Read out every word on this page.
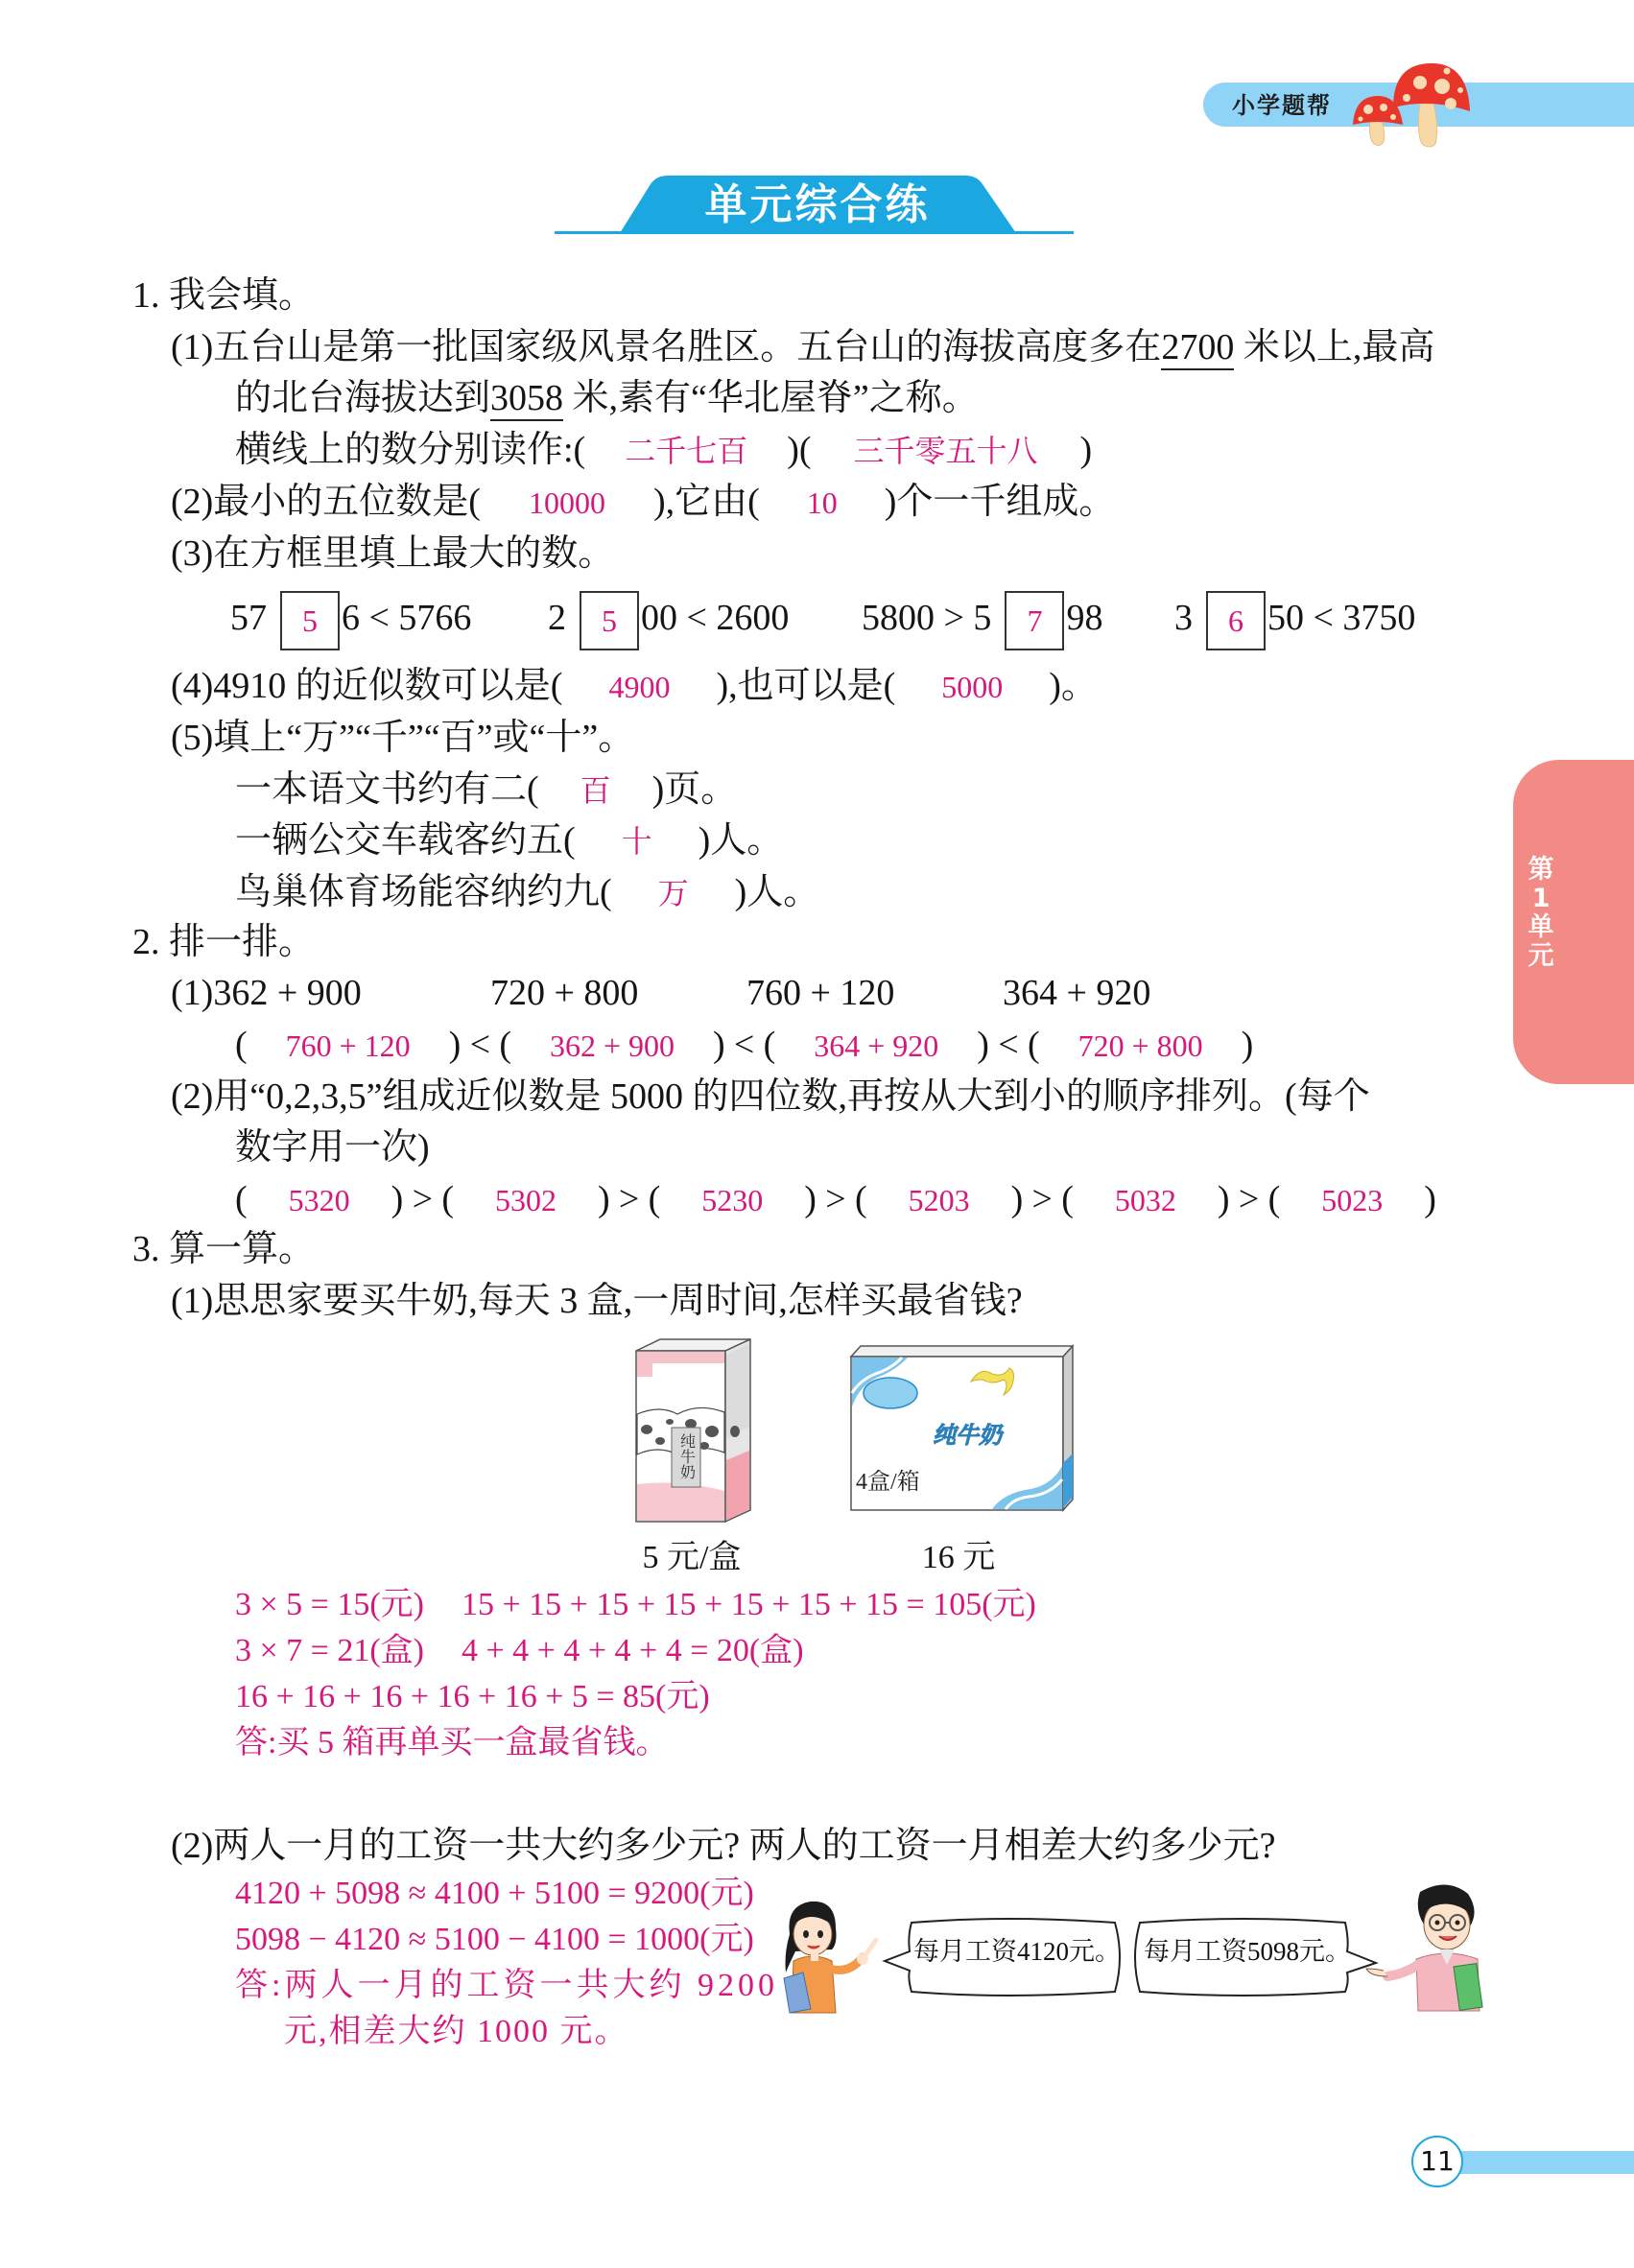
小学题帮
单元综合练
第
1
单
元
1. 我会填。
(1)五台山是第一批国家级风景名胜区。五台山的海拔高度多在2700 米以上,最高
的北台海拔达到3058 米,素有“华北屋脊”之称。
横线上的数分别读作:( 二千七百 )( 三千零五十八 )
(2)最小的五位数是( 10000 ),它由( 10 )个一千组成。
(3)在方框里填上最大的数。
57 5 6 < 5766 2 5 00 < 2600 5800 > 5 7 98 3 6 50 < 3750
(4)4910 的近似数可以是( 4900 ),也可以是( 5000 )。
(5)填上“万”“千”“百”或“十”。
一本语文书约有二( 百 )页。
一辆公交车载客约五( 十 )人。
鸟巢体育场能容纳约九( 万 )人。
2. 排一排。
(1)362 + 900	720 + 800	760 + 120	364 + 920
( 760 + 120 ) < ( 362 + 900 ) < ( 364 + 920 ) < ( 720 + 800 )
(2)用“0,2,3,5”组成近似数是 5000 的四位数,再按从大到小的顺序排列。(每个
数字用一次)
( 5320 ) > ( 5302 ) > ( 5230 ) > ( 5203 ) > ( 5032 ) > ( 5023 )
3. 算一算。
(1)思思家要买牛奶,每天 3 盒,一周时间,怎样买最省钱?
纯牛奶	纯牛奶
4盒/箱
5 元/盒	16 元
3 × 5 = 15(元) 15 + 15 + 15 + 15 + 15 + 15 + 15 = 105(元)
3 × 7 = 21(盒) 4 + 4 + 4 + 4 + 4 = 20(盒)
16 + 16 + 16 + 16 + 16 + 5 = 85(元)
答:买 5 箱再单买一盒最省钱。
(2)两人一月的工资一共大约多少元? 两人的工资一月相差大约多少元?
4120 + 5098 ≈ 4100 + 5100 = 9200(元)
5098 − 4120 ≈ 5100 − 4100 = 1000(元)
答:两人一月的工资一共大约 9200
元,相差大约 1000 元。
每月工资4120元。 每月工资5098元。
11
